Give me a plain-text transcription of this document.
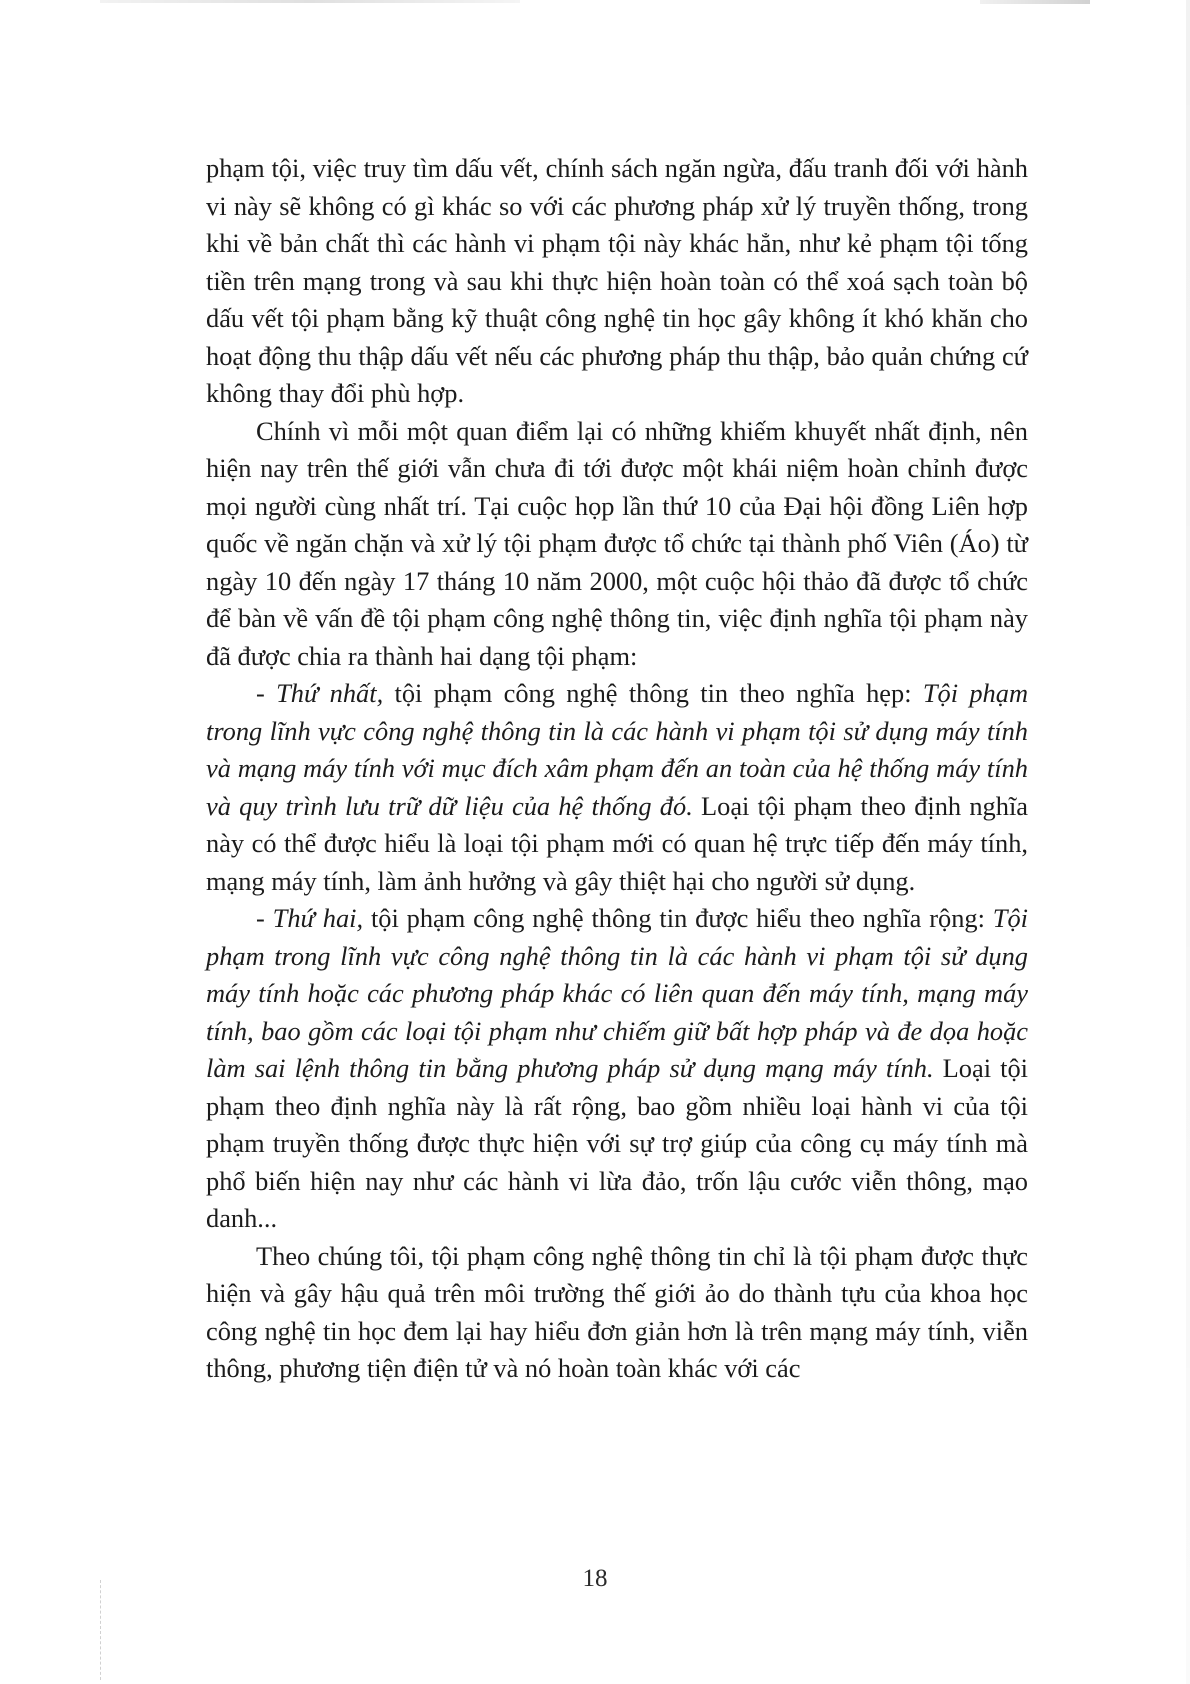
phạm tội, việc truy tìm dấu vết, chính sách ngăn ngừa, đấu tranh đối với hành vi này sẽ không có gì khác so với các phương pháp xử lý truyền thống, trong khi về bản chất thì các hành vi phạm tội này khác hẳn, như kẻ phạm tội tống tiền trên mạng trong và sau khi thực hiện hoàn toàn có thể xoá sạch toàn bộ dấu vết tội phạm bằng kỹ thuật công nghệ tin học gây không ít khó khăn cho hoạt động thu thập dấu vết nếu các phương pháp thu thập, bảo quản chứng cứ không thay đổi phù hợp.

Chính vì mỗi một quan điểm lại có những khiếm khuyết nhất định, nên hiện nay trên thế giới vẫn chưa đi tới được một khái niệm hoàn chỉnh được mọi người cùng nhất trí. Tại cuộc họp lần thứ 10 của Đại hội đồng Liên hợp quốc về ngăn chặn và xử lý tội phạm được tổ chức tại thành phố Viên (Áo) từ ngày 10 đến ngày 17 tháng 10 năm 2000, một cuộc hội thảo đã được tổ chức để bàn về vấn đề tội phạm công nghệ thông tin, việc định nghĩa tội phạm này đã được chia ra thành hai dạng tội phạm:

- Thứ nhất, tội phạm công nghệ thông tin theo nghĩa hẹp: Tội phạm trong lĩnh vực công nghệ thông tin là các hành vi phạm tội sử dụng máy tính và mạng máy tính với mục đích xâm phạm đến an toàn của hệ thống máy tính và quy trình lưu trữ dữ liệu của hệ thống đó. Loại tội phạm theo định nghĩa này có thể được hiểu là loại tội phạm mới có quan hệ trực tiếp đến máy tính, mạng máy tính, làm ảnh hưởng và gây thiệt hại cho người sử dụng.

- Thứ hai, tội phạm công nghệ thông tin được hiểu theo nghĩa rộng: Tội phạm trong lĩnh vực công nghệ thông tin là các hành vi phạm tội sử dụng máy tính hoặc các phương pháp khác có liên quan đến máy tính, mạng máy tính, bao gồm các loại tội phạm như chiếm giữ bất hợp pháp và đe dọa hoặc làm sai lệnh thông tin bằng phương pháp sử dụng mạng máy tính. Loại tội phạm theo định nghĩa này là rất rộng, bao gồm nhiều loại hành vi của tội phạm truyền thống được thực hiện với sự trợ giúp của công cụ máy tính mà phổ biến hiện nay như các hành vi lừa đảo, trốn lậu cước viễn thông, mạo danh...

Theo chúng tôi, tội phạm công nghệ thông tin chỉ là tội phạm được thực hiện và gây hậu quả trên môi trường thế giới ảo do thành tựu của khoa học công nghệ tin học đem lại hay hiểu đơn giản hơn là trên mạng máy tính, viễn thông, phương tiện điện tử và nó hoàn toàn khác với các

18
